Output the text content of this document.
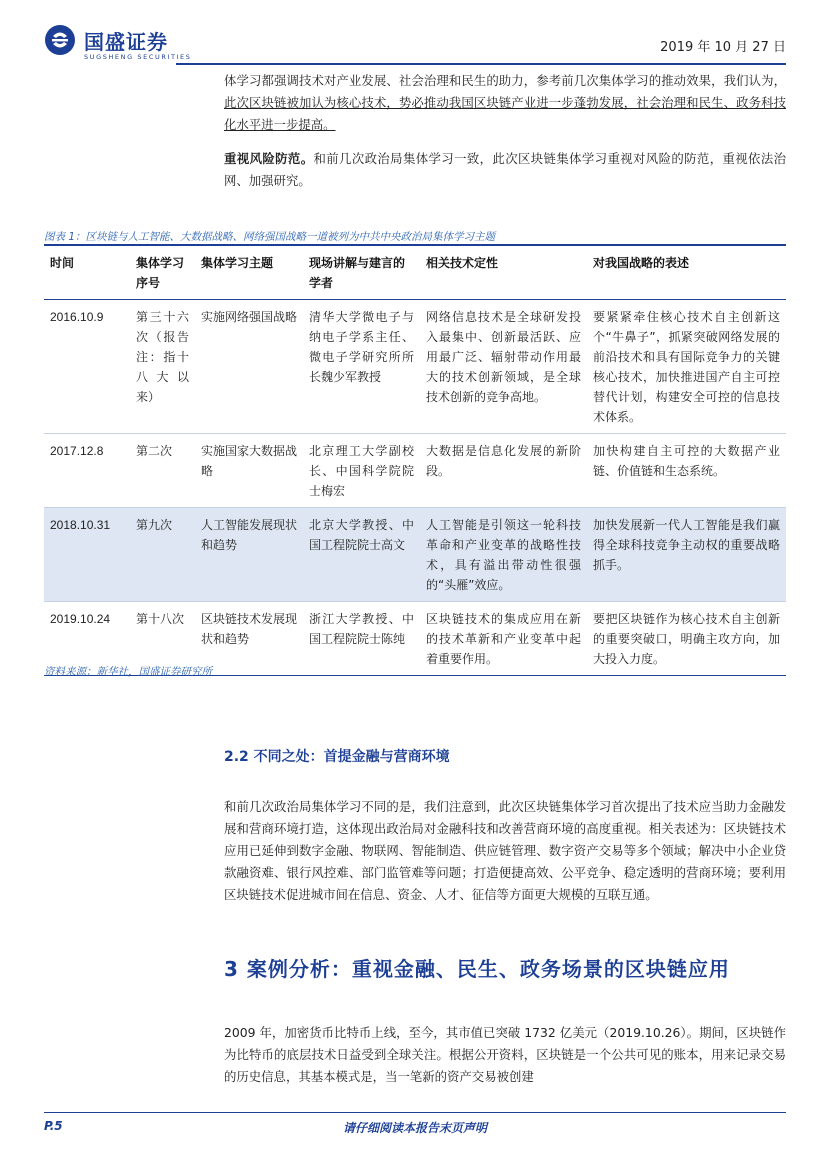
国盛证券
SUGSHENG SECURITIES
2019 年 10 月 27 日
体学习都强调技术对产业发展、社会治理和民生的助力，参考前几次集体学习的推动效果，我们认为，此次区块链被加认为核心技术，势必推动我国区块链产业进一步蓬勃发展，社会治理和民生、政务科技化水平进一步提高。
重视风险防范。和前几次政治局集体学习一致，此次区块链集体学习重视对风险的防范，重视依法治网、加强研究。
图表 1：区块链与人工智能、大数据战略、网络强国战略一道被列为中共中央政治局集体学习主题
时间	集体学习序号	集体学习主题	现场讲解与建言的学者	相关技术定性	对我国战略的表述
2016.10.9	第三十六次（报告注：指十八大以来）	实施网络强国战略	清华大学微电子与纳电子学系主任、微电子学研究所所长魏少军教授	网络信息技术是全球研发投入最集中、创新最活跃、应用最广泛、辐射带动作用最大的技术创新领域，是全球技术创新的竞争高地。	要紧紧牵住核心技术自主创新这个“牛鼻子”，抓紧突破网络发展的前沿技术和具有国际竞争力的关键核心技术，加快推进国产自主可控替代计划，构建安全可控的信息技术体系。
2017.12.8	第二次	实施国家大数据战略	北京理工大学副校长、中国科学院院士梅宏	大数据是信息化发展的新阶段。	加快构建自主可控的大数据产业链、价值链和生态系统。
2018.10.31	第九次	人工智能发展现状和趋势	北京大学教授、中国工程院院士高文	人工智能是引领这一轮科技革命和产业变革的战略性技术，具有溢出带动性很强的“头雁”效应。	加快发展新一代人工智能是我们赢得全球科技竞争主动权的重要战略抓手。
2019.10.24	第十八次	区块链技术发展现状和趋势	浙江大学教授、中国工程院院士陈纯	区块链技术的集成应用在新的技术革新和产业变革中起着重要作用。	要把区块链作为核心技术自主创新的重要突破口，明确主攻方向，加大投入力度。
资料来源：新华社，国盛证券研究所
2.2 不同之处：首提金融与营商环境
和前几次政治局集体学习不同的是，我们注意到，此次区块链集体学习首次提出了技术应当助力金融发展和营商环境打造，这体现出政治局对金融科技和改善营商环境的高度重视。相关表述为：区块链技术应用已延伸到数字金融、物联网、智能制造、供应链管理、数字资产交易等多个领域；解决中小企业贷款融资难、银行风控难、部门监管难等问题；打造便捷高效、公平竞争、稳定透明的营商环境；要利用区块链技术促进城市间在信息、资金、人才、征信等方面更大规模的互联互通。
3 案例分析：重视金融、民生、政务场景的区块链应用
2009 年，加密货币比特币上线，至今，其市值已突破 1732 亿美元（2019.10.26）。期间，区块链作为比特币的底层技术日益受到全球关注。根据公开资料，区块链是一个公共可见的账本，用来记录交易的历史信息，其基本模式是，当一笔新的资产交易被创建
P.5	请仔细阅读本报告末页声明
